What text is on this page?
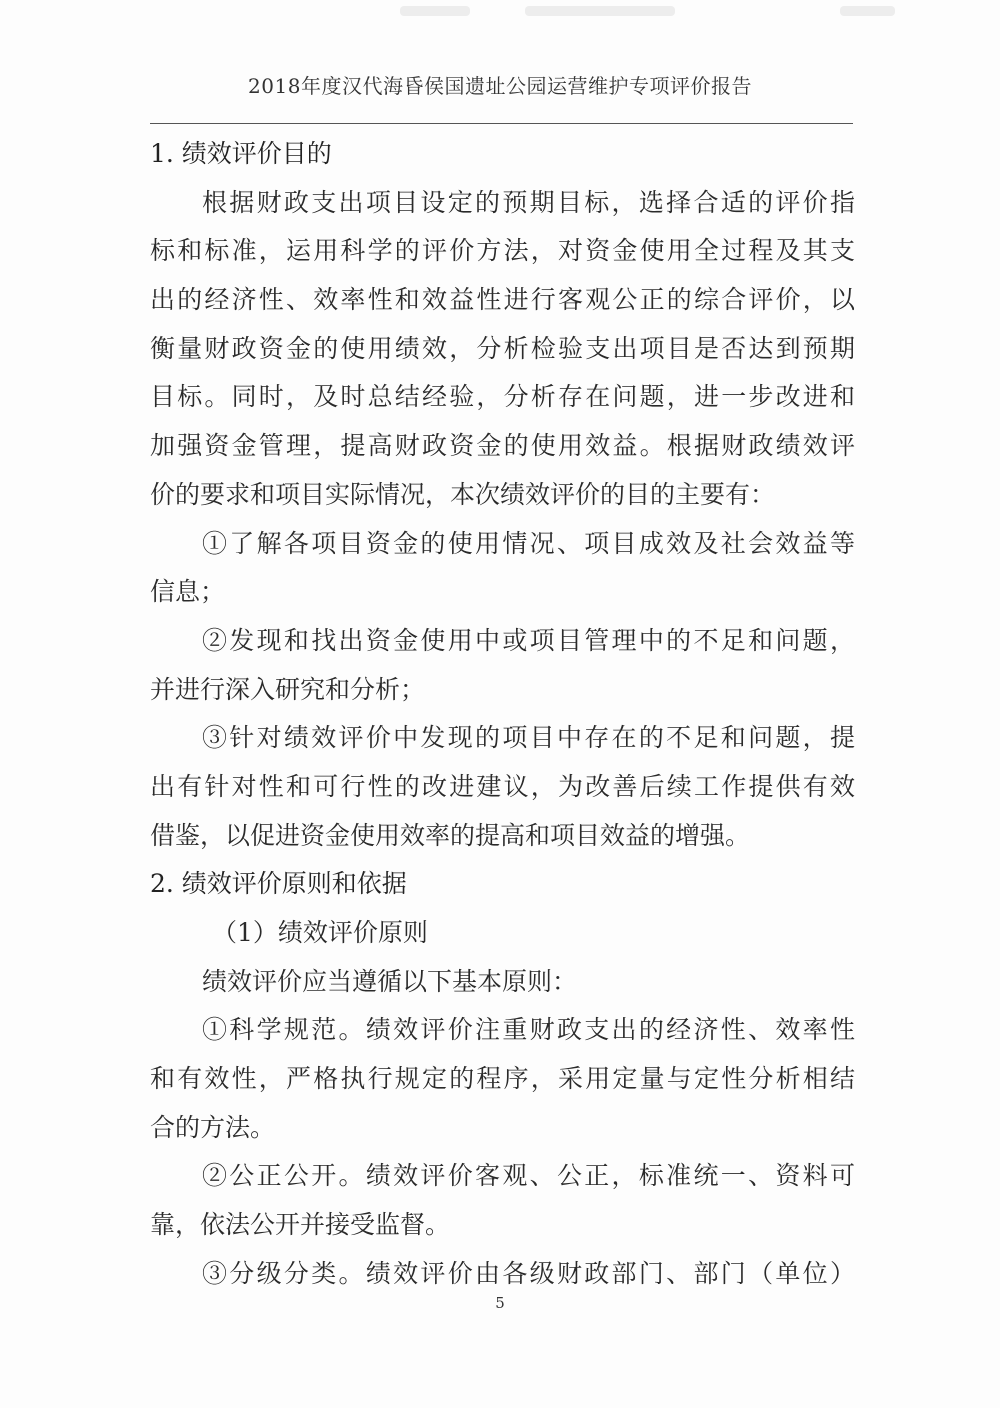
2018年度汉代海昏侯国遗址公园运营维护专项评价报告
1. 绩效评价目的
根据财政支出项目设定的预期目标，选择合适的评价指
标和标准，运用科学的评价方法，对资金使用全过程及其支
出的经济性、效率性和效益性进行客观公正的综合评价，以
衡量财政资金的使用绩效，分析检验支出项目是否达到预期
目标。同时，及时总结经验，分析存在问题，进一步改进和
加强资金管理，提高财政资金的使用效益。根据财政绩效评
价的要求和项目实际情况，本次绩效评价的目的主要有：
①了解各项目资金的使用情况、项目成效及社会效益等
信息；
②发现和找出资金使用中或项目管理中的不足和问题，
并进行深入研究和分析；
③针对绩效评价中发现的项目中存在的不足和问题，提
出有针对性和可行性的改进建议，为改善后续工作提供有效
借鉴，以促进资金使用效率的提高和项目效益的增强。
2. 绩效评价原则和依据
（1）绩效评价原则
绩效评价应当遵循以下基本原则：
①科学规范。绩效评价注重财政支出的经济性、效率性
和有效性，严格执行规定的程序，采用定量与定性分析相结
合的方法。
②公正公开。绩效评价客观、公正，标准统一、资料可
靠，依法公开并接受监督。
③分级分类。绩效评价由各级财政部门、部门（单位）
5
